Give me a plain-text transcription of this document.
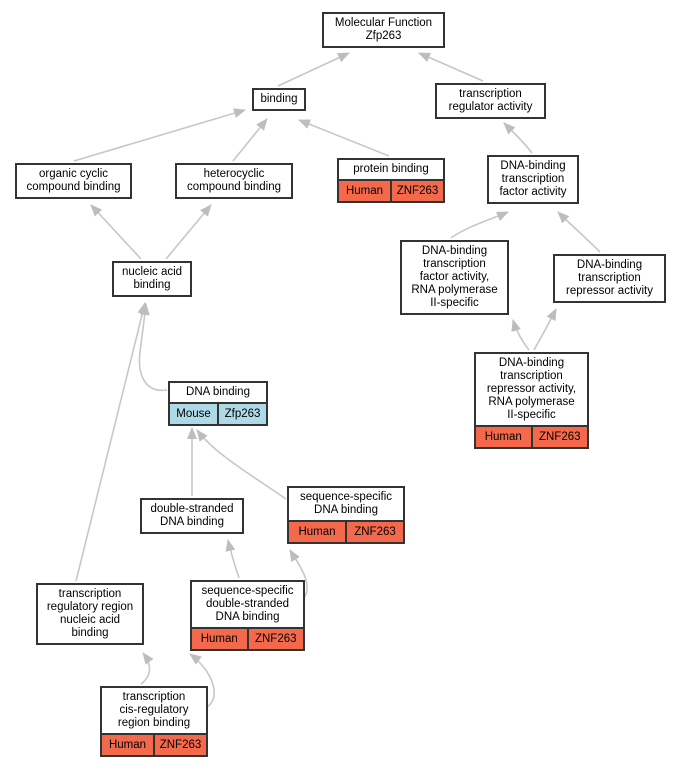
Molecular Function
Zfp263
binding	transcription
regulator activity
organic cyclic
compound binding
heterocyclic
compound binding
protein binding
Human	ZNF263
DNA-binding
transcription
factor activity
nucleic acid
binding
DNA-binding
transcription
factor activity,
RNA polymerase
II-specific
DNA-binding
transcription
repressor activity
DNA binding
Mouse	Zfp263
DNA-binding
transcription
repressor activity,
RNA polymerase
II-specific
Human	ZNF263
sequence-specific
DNA binding
Human	ZNF263
double-stranded
DNA binding
sequence-specific
double-stranded
DNA binding
Human	ZNF263
transcription
regulatory region
nucleic acid
binding
transcription
cis-regulatory
region binding
Human	ZNF263
